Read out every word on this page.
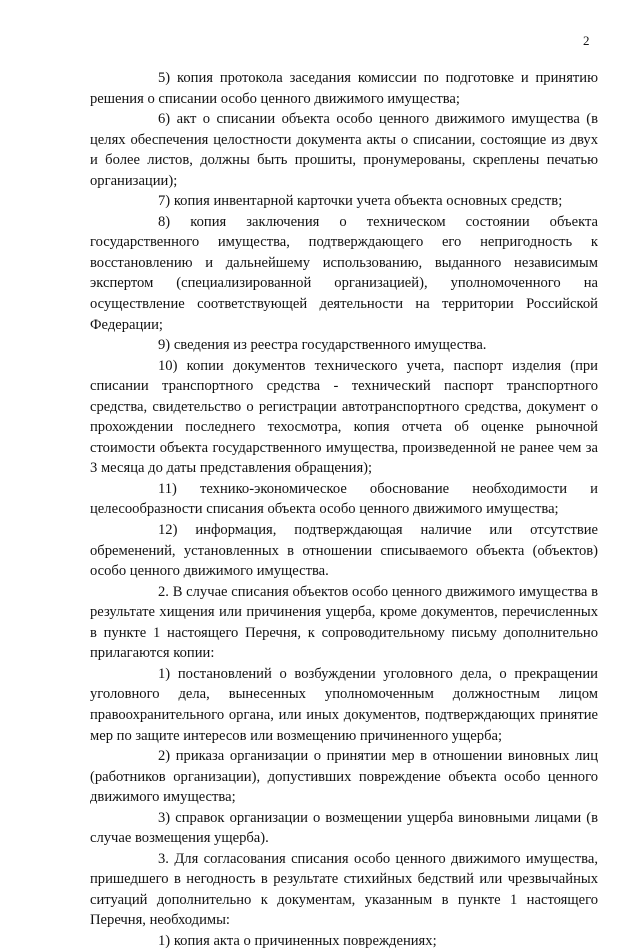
2

5) копия протокола заседания комиссии по подготовке и принятию решения о списании особо ценного движимого имущества;

6) акт о списании объекта особо ценного движимого имущества (в целях обеспечения целостности документа акты о списании, состоящие из двух и более листов, должны быть прошиты, пронумерованы, скреплены печатью организации);

7) копия инвентарной карточки учета объекта основных средств;

8) копия заключения о техническом состоянии объекта государственного имущества, подтверждающего его непригодность к восстановлению и дальнейшему использованию, выданного независимым экспертом (специализированной организацией), уполномоченного на осуществление соответствующей деятельности на территории Российской Федерации;

9) сведения из реестра государственного имущества.

10) копии документов технического учета, паспорт изделия (при списании транспортного средства - технический паспорт транспортного средства, свидетельство о регистрации автотранспортного средства, документ о прохождении последнего техосмотра, копия отчета об оценке рыночной стоимости объекта государственного имущества, произведенной не ранее чем за 3 месяца до даты представления обращения);

11) технико-экономическое обоснование необходимости и целесообразности списания объекта особо ценного движимого имущества;

12) информация, подтверждающая наличие или отсутствие обременений, установленных в отношении списываемого объекта (объектов) особо ценного движимого имущества.

2. В случае списания объектов особо ценного движимого имущества в результате хищения или причинения ущерба, кроме документов, перечисленных в пункте 1 настоящего Перечня, к сопроводительному письму дополнительно прилагаются копии:

1) постановлений о возбуждении уголовного дела, о прекращении уголовного дела, вынесенных уполномоченным должностным лицом правоохранительного органа, или иных документов, подтверждающих принятие мер по защите интересов или возмещению причиненного ущерба;

2) приказа организации о принятии мер в отношении виновных лиц (работников организации), допустивших повреждение объекта особо ценного движимого имущества;

3) справок организации о возмещении ущерба виновными лицами (в случае возмещения ущерба).

3. Для согласования списания особо ценного движимого имущества, пришедшего в негодность в результате стихийных бедствий или чрезвычайных ситуаций дополнительно к документам, указанным в пункте 1 настоящего Перечня, необходимы:

1) копия акта о причиненных повреждениях;
